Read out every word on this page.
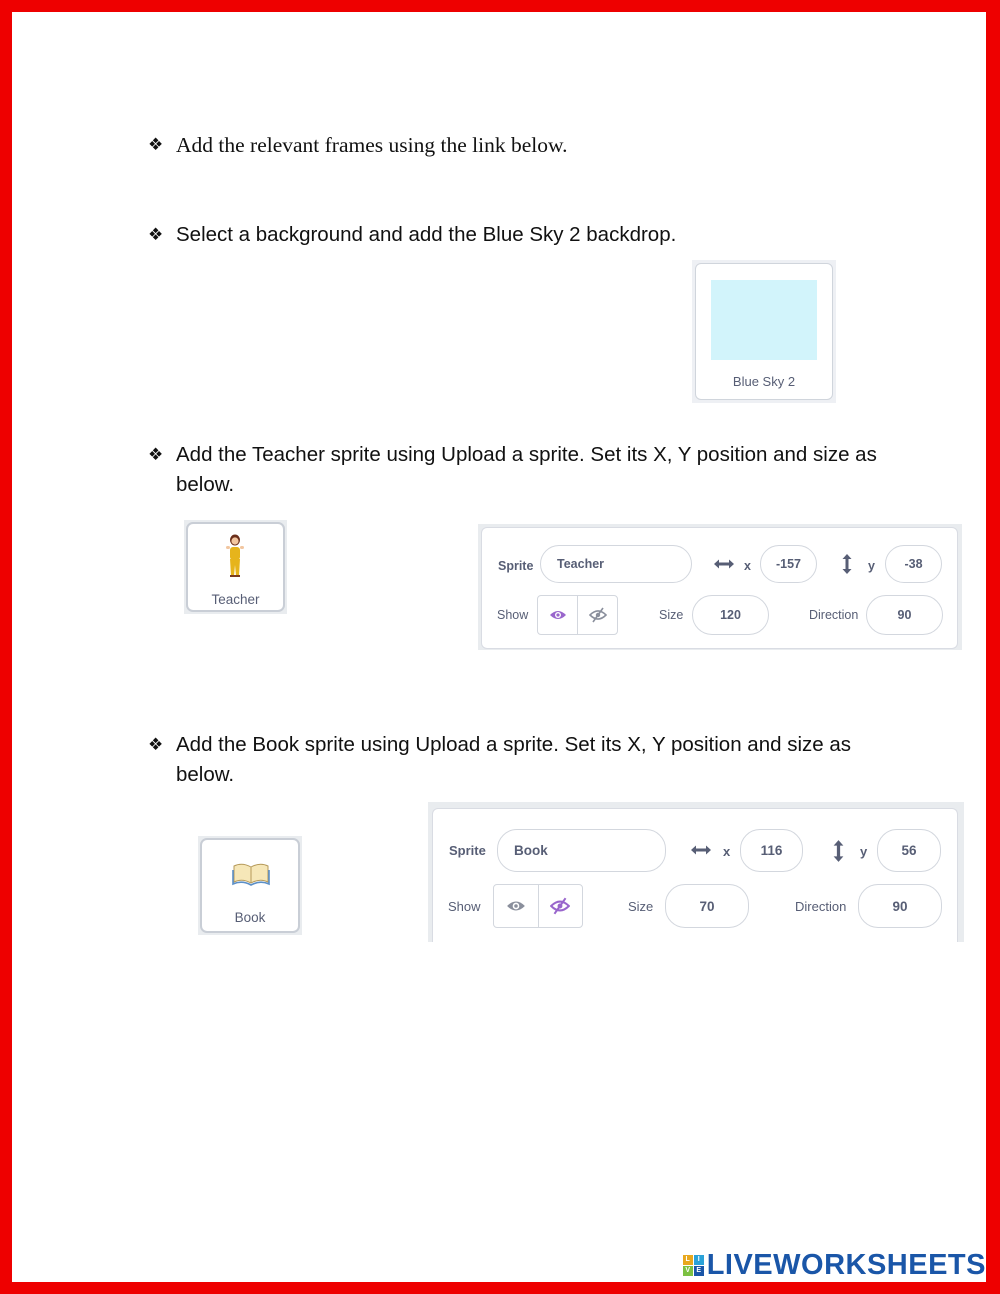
❖ Add the relevant frames using the link below.
❖ Select a background and add the Blue Sky 2 backdrop.
Blue Sky 2
❖ Add the Teacher sprite using Upload a sprite. Set its X, Y position and size as below.
Teacher
Sprite	Teacher	x	-157	y	-38
Show	Size	120	Direction	90
❖ Add the Book sprite using Upload a sprite. Set its X, Y position and size as below.
Book
Sprite	Book	x	116	y	56
Show	Size	70	Direction	90
L	I
V E LIVEWORKSHEETS
